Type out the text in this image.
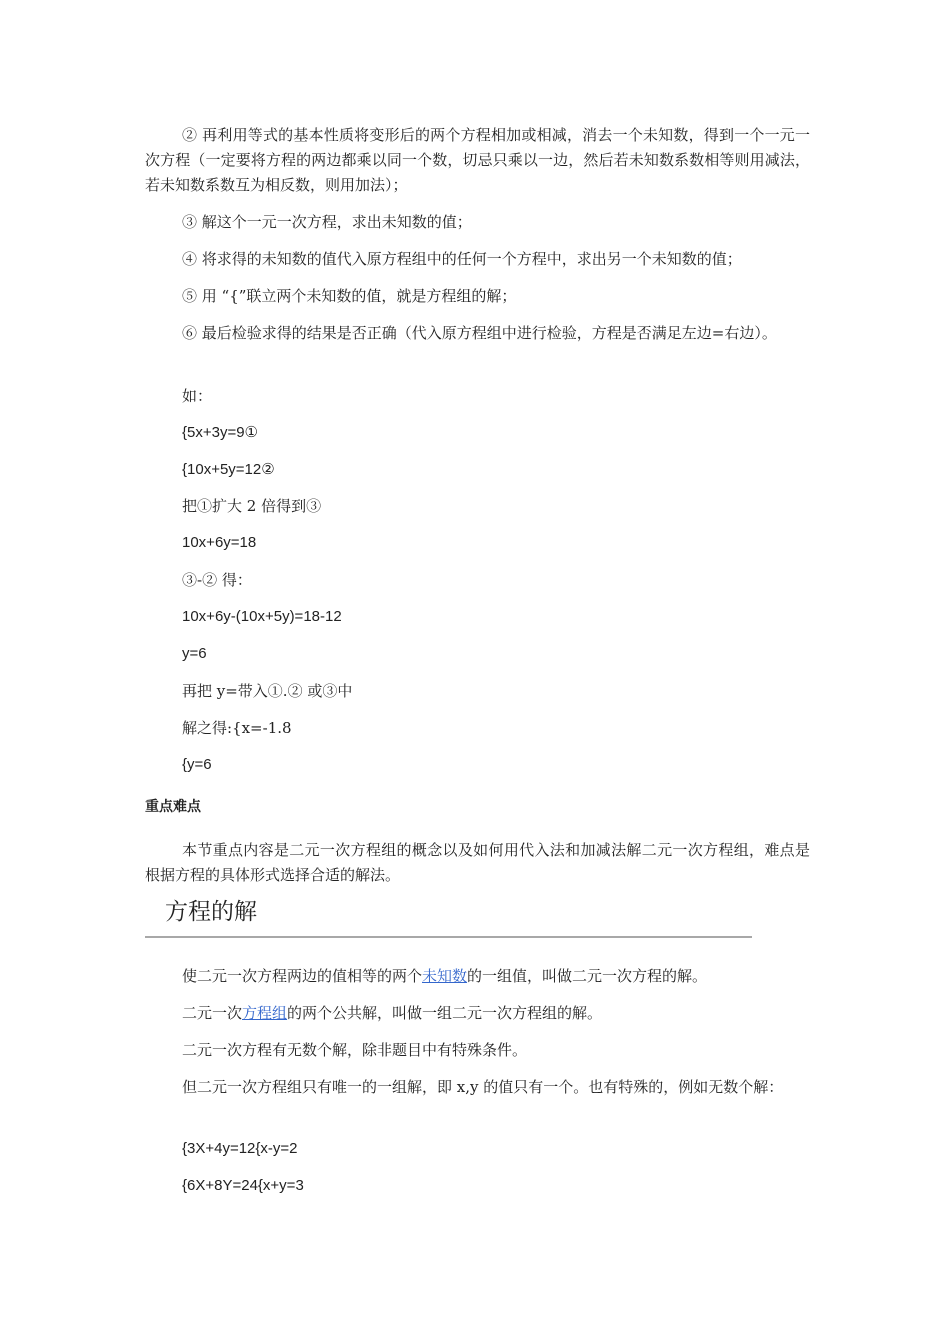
② 再利用等式的基本性质将变形后的两个方程相加或相减，消去一个未知数，得到一个一元一次方程（一定要将方程的两边都乘以同一个数，切忌只乘以一边，然后若未知数系数相等则用减法，若未知数系数互为相反数，则用加法）；

③ 解这个一元一次方程，求出未知数的值；

④ 将求得的未知数的值代入原方程组中的任何一个方程中，求出另一个未知数的值；

⑤ 用 “{”联立两个未知数的值，就是方程组的解；

⑥ 最后检验求得的结果是否正确（代入原方程组中进行检验，方程是否满足左边=右边）。

如：
{5x+3y=9①
{10x+5y=12②
把①扩大 2 倍得到③
10x+6y=18
③-② 得：
10x+6y-(10x+5y)=18-12
y=6
再把 y=带入①.② 或③中
解之得:{x=-1.8
{y=6
重点难点

本节重点内容是二元一次方程组的概念以及如何用代入法和加减法解二元一次方程组，难点是根据方程的具体形式选择合适的解法。

方程的解

使二元一次方程两边的值相等的两个未知数的一组值，叫做二元一次方程的解。

二元一次方程组的两个公共解，叫做一组二元一次方程组的解。

二元一次方程有无数个解，除非题目中有特殊条件。

但二元一次方程组只有唯一的一组解，即 x,y 的值只有一个。也有特殊的，例如无数个解：

{3X+4y=12{x-y=2
{6X+8Y=24{x+y=3
